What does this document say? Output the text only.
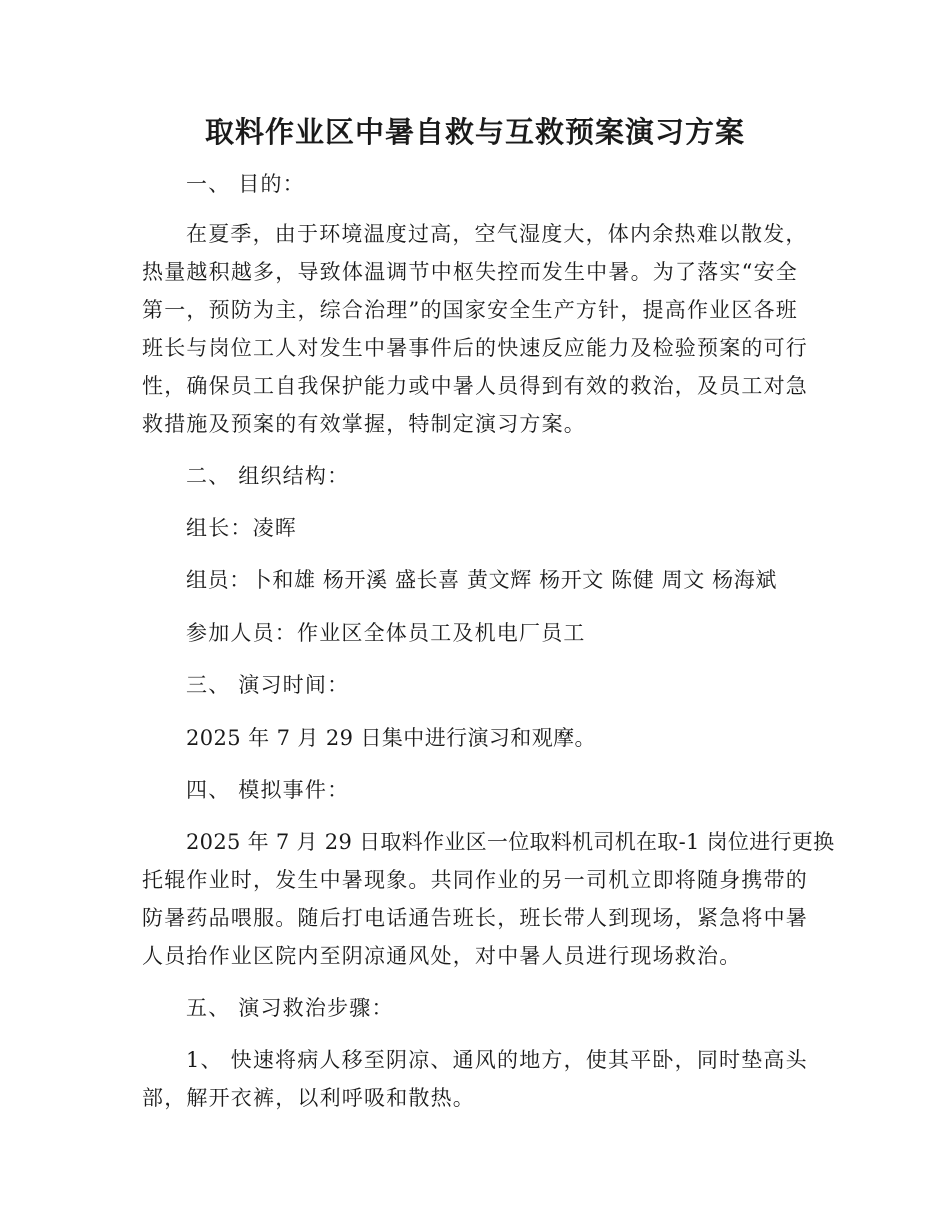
取料作业区中暑自救与互救预案演习方案
一、 目的：
在夏季，由于环境温度过高，空气湿度大，体内余热难以散发，
热量越积越多，导致体温调节中枢失控而发生中暑。为了落实“安全
第一，预防为主，综合治理”的国家安全生产方针，提高作业区各班
班长与岗位工人对发生中暑事件后的快速反应能力及检验预案的可行
性，确保员工自我保护能力或中暑人员得到有效的救治，及员工对急
救措施及预案的有效掌握，特制定演习方案。
二、 组织结构：
组长：凌晖
组员：卜和雄 杨开溪 盛长喜 黄文辉 杨开文 陈健 周文 杨海斌
参加人员：作业区全体员工及机电厂员工
三、 演习时间：
2025 年 7 月 29 日集中进行演习和观摩。
四、 模拟事件：
2025 年 7 月 29 日取料作业区一位取料机司机在取-1 岗位进行更换
托辊作业时，发生中暑现象。共同作业的另一司机立即将随身携带的
防暑药品喂服。随后打电话通告班长，班长带人到现场，紧急将中暑
人员抬作业区院内至阴凉通风处，对中暑人员进行现场救治。
五、 演习救治步骤：
1、 快速将病人移至阴凉、通风的地方，使其平卧，同时垫高头
部，解开衣裤，以利呼吸和散热。
